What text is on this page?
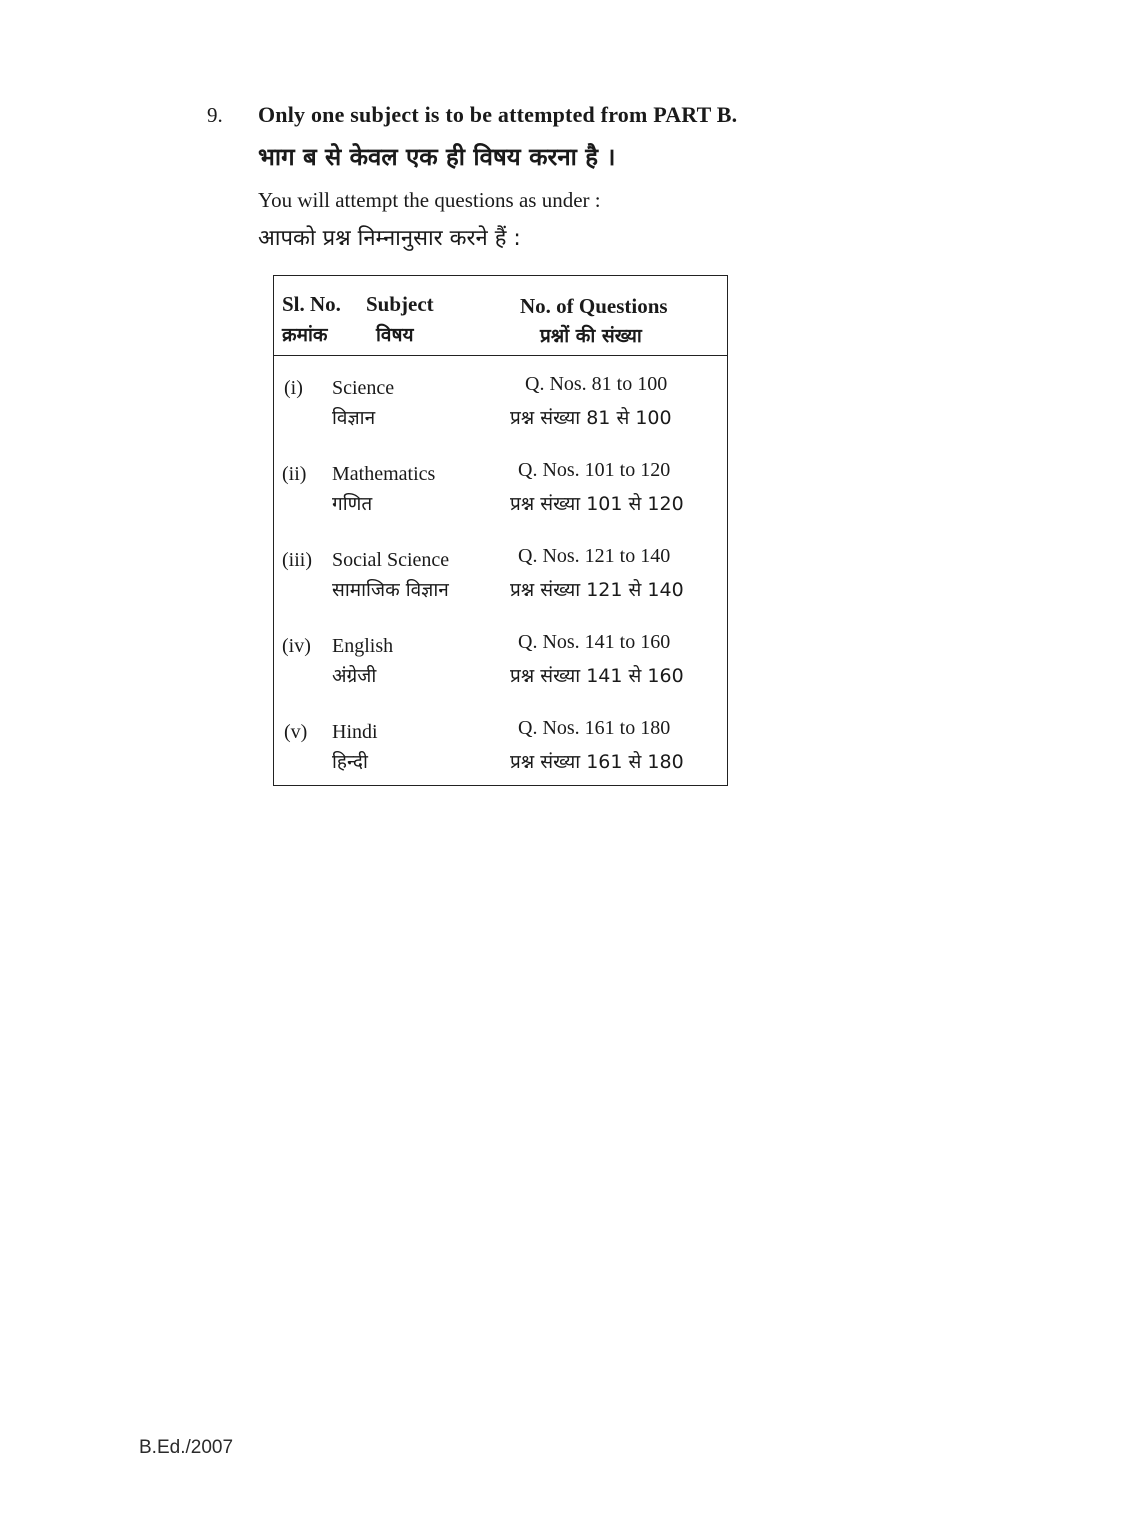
9. Only one subject is to be attempted from PART B.
भाग ब से केवल एक ही विषय करना है ।
You will attempt the questions as under :
आपको प्रश्न निम्नानुसार करने हैं :
Sl. No. Subject
क्रमांक	विषय
No. of Questions
प्रश्नों की संख्या
(i) Science
विज्ञान
Q. Nos. 81 to 100
प्रश्न संख्या 81 से 100
(ii) Mathematics
गणित
Q. Nos. 101 to 120
प्रश्न संख्या 101 से 120
(iii) Social Science
सामाजिक विज्ञान
Q. Nos. 121 to 140
प्रश्न संख्या 121 से 140
(iv) English
अंग्रेजी
Q. Nos. 141 to 160
प्रश्न संख्या 141 से 160
(v) Hindi
हिन्दी
Q. Nos. 161 to 180
प्रश्न संख्या 161 से 180
B.Ed./2007
